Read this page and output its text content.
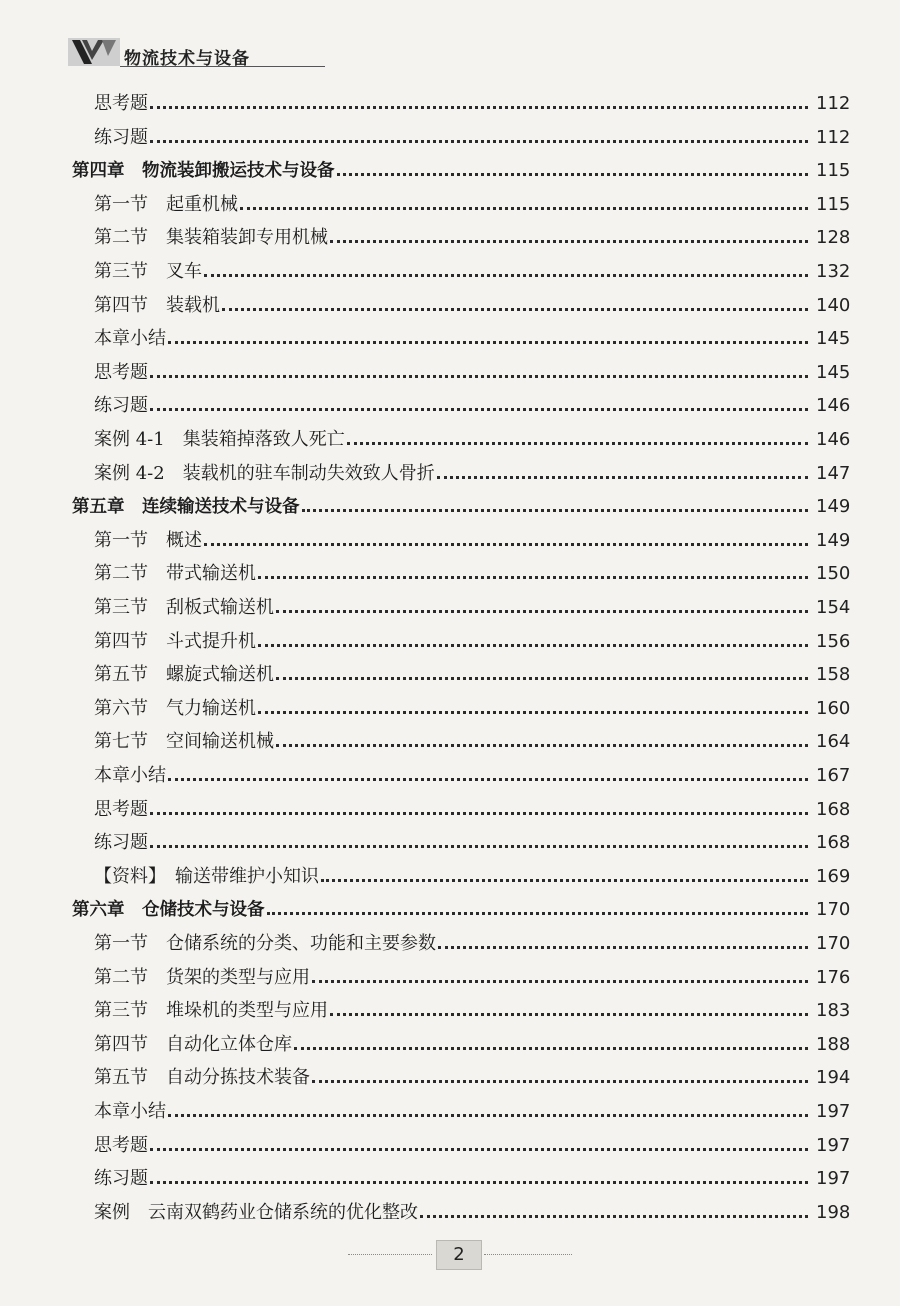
物流技术与设备
思考题	112
练习题	112
第四章　物流装卸搬运技术与设备	115
第一节　起重机械	115
第二节　集装箱装卸专用机械	128
第三节　叉车	132
第四节　装载机	140
本章小结	145
思考题	145
练习题	146
案例 4-1　集装箱掉落致人死亡	146
案例 4-2　装载机的驻车制动失效致人骨折	147
第五章　连续输送技术与设备	149
第一节　概述	149
第二节　带式输送机	150
第三节　刮板式输送机	154
第四节　斗式提升机	156
第五节　螺旋式输送机	158
第六节　气力输送机	160
第七节　空间输送机械	164
本章小结	167
思考题	168
练习题	168
【资料】　输送带维护小知识	169
第六章　仓储技术与设备	170
第一节　仓储系统的分类、功能和主要参数	170
第二节　货架的类型与应用	176
第三节　堆垛机的类型与应用	183
第四节　自动化立体仓库	188
第五节　自动分拣技术装备	194
本章小结	197
思考题	197
练习题	197
案例　云南双鹤药业仓储系统的优化整改	198
2
